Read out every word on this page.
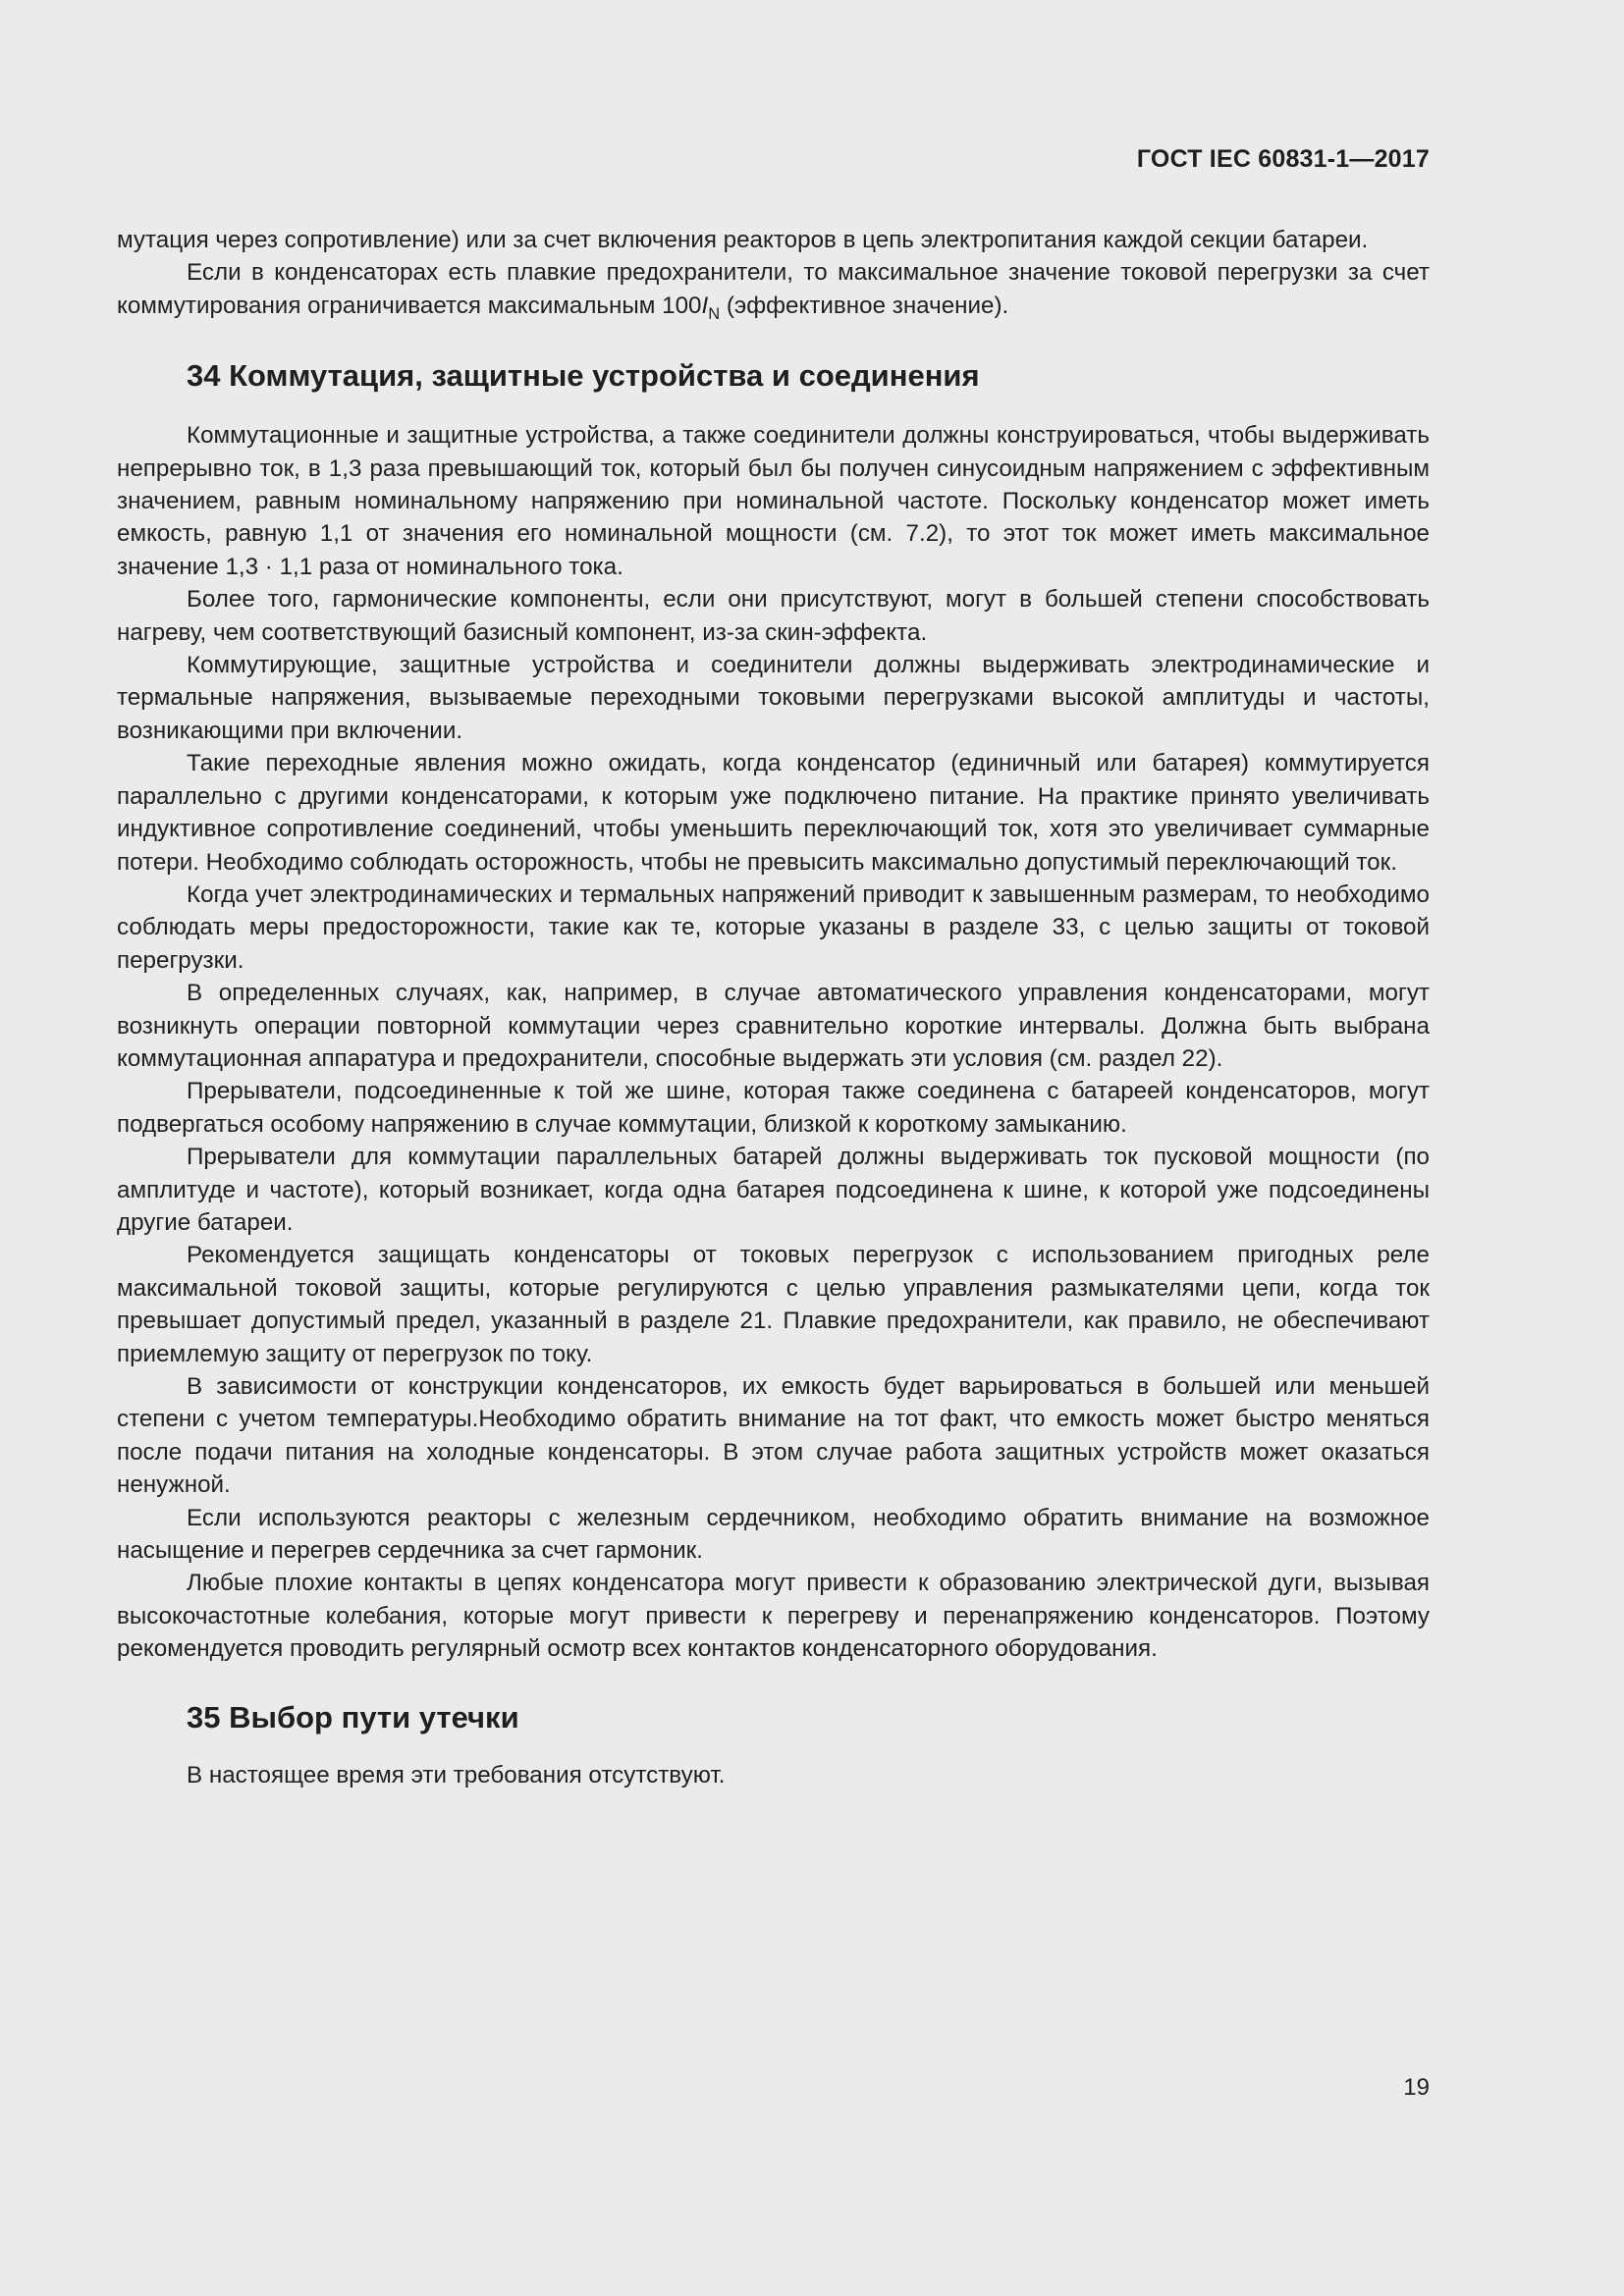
ГОСТ IEC 60831-1—2017

мутация через сопротивление) или за счет включения реакторов в цепь электропитания каждой секции батареи.

Если в конденсаторах есть плавкие предохранители, то максимальное значение токовой перегрузки за счет коммутирования ограничивается максимальным $100I_N$ (эффективное значение).

34 Коммутация, защитные устройства и соединения

Коммутационные и защитные устройства, а также соединители должны конструироваться, чтобы выдерживать непрерывно ток, в 1,3 раза превышающий ток, который был бы получен синусоидным напряжением с эффективным значением, равным номинальному напряжению при номинальной частоте. Поскольку конденсатор может иметь емкость, равную 1,1 от значения его номинальной мощности (см. 7.2), то этот ток может иметь максимальное значение 1,3 · 1,1 раза от номинального тока.

Более того, гармонические компоненты, если они присутствуют, могут в большей степени способствовать нагреву, чем соответствующий базисный компонент, из-за скин-эффекта.

Коммутирующие, защитные устройства и соединители должны выдерживать электродинамические и термальные напряжения, вызываемые переходными токовыми перегрузками высокой амплитуды и частоты, возникающими при включении.

Такие переходные явления можно ожидать, когда конденсатор (единичный или батарея) коммутируется параллельно с другими конденсаторами, к которым уже подключено питание. На практике принято увеличивать индуктивное сопротивление соединений, чтобы уменьшить переключающий ток, хотя это увеличивает суммарные потери. Необходимо соблюдать осторожность, чтобы не превысить максимально допустимый переключающий ток.

Когда учет электродинамических и термальных напряжений приводит к завышенным размерам, то необходимо соблюдать меры предосторожности, такие как те, которые указаны в разделе 33, с целью защиты от токовой перегрузки.

В определенных случаях, как, например, в случае автоматического управления конденсаторами, могут возникнуть операции повторной коммутации через сравнительно короткие интервалы. Должна быть выбрана коммутационная аппаратура и предохранители, способные выдержать эти условия (см. раздел 22).

Прерыватели, подсоединенные к той же шине, которая также соединена с батареей конденсаторов, могут подвергаться особому напряжению в случае коммутации, близкой к короткому замыканию.

Прерыватели для коммутации параллельных батарей должны выдерживать ток пусковой мощности (по амплитуде и частоте), который возникает, когда одна батарея подсоединена к шине, к которой уже подсоединены другие батареи.

Рекомендуется защищать конденсаторы от токовых перегрузок с использованием пригодных реле максимальной токовой защиты, которые регулируются с целью управления размыкателями цепи, когда ток превышает допустимый предел, указанный в разделе 21. Плавкие предохранители, как правило, не обеспечивают приемлемую защиту от перегрузок по току.

В зависимости от конструкции конденсаторов, их емкость будет варьироваться в большей или меньшей степени с учетом температуры.Необходимо обратить внимание на тот факт, что емкость может быстро меняться после подачи питания на холодные конденсаторы. В этом случае работа защитных устройств может оказаться ненужной.

Если используются реакторы с железным сердечником, необходимо обратить внимание на возможное насыщение и перегрев сердечника за счет гармоник.

Любые плохие контакты в цепях конденсатора могут привести к образованию электрической дуги, вызывая высокочастотные колебания, которые могут привести к перегреву и перенапряжению конденсаторов. Поэтому рекомендуется проводить регулярный осмотр всех контактов конденсаторного оборудования.

35 Выбор пути утечки

В настоящее время эти требования отсутствуют.

19
